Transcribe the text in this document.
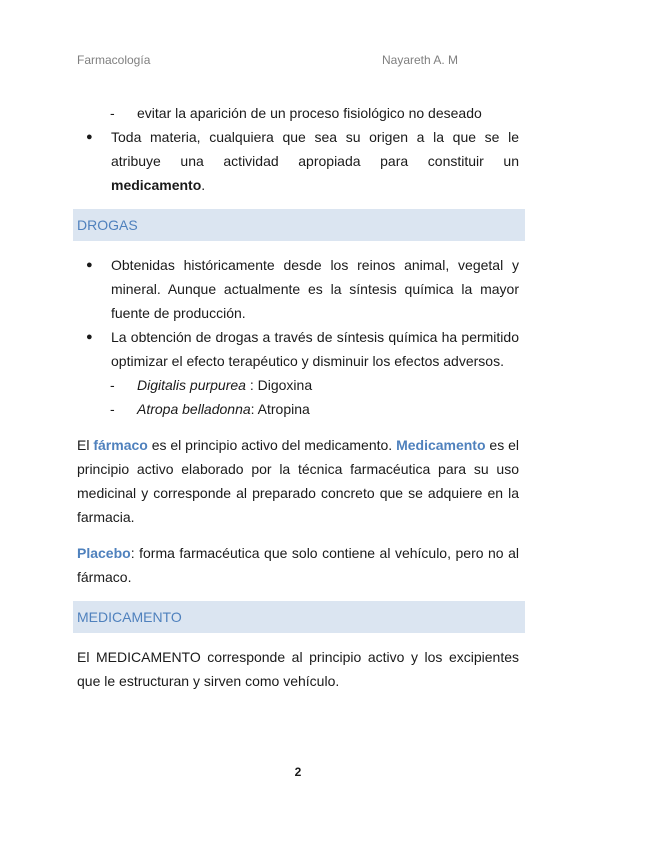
Farmacología	Nayareth A. M
- evitar la aparición de un proceso fisiológico no deseado
● Toda materia, cualquiera que sea su origen a la que se le atribuye una actividad apropiada para constituir un medicamento.
DROGAS
● Obtenidas históricamente desde los reinos animal, vegetal y mineral. Aunque actualmente es la síntesis química la mayor fuente de producción.
● La obtención de drogas a través de síntesis química ha permitido optimizar el efecto terapéutico y disminuir los efectos adversos.
- Digitalis purpurea : Digoxina
- Atropa belladonna: Atropina
El fármaco es el principio activo del medicamento. Medicamento es el principio activo elaborado por la técnica farmacéutica para su uso medicinal y corresponde al preparado concreto que se adquiere en la farmacia.
Placebo: forma farmacéutica que solo contiene al vehículo, pero no al fármaco.
MEDICAMENTO
El MEDICAMENTO corresponde al principio activo y los excipientes que le estructuran y sirven como vehículo.
2
